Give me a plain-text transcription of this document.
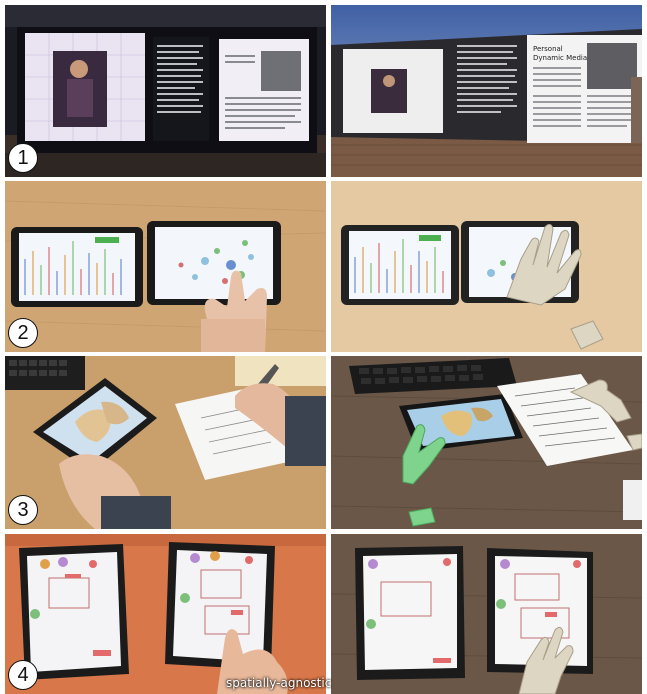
Personal
Dynamic Media
1
2
3
4	spatially-agnostic
